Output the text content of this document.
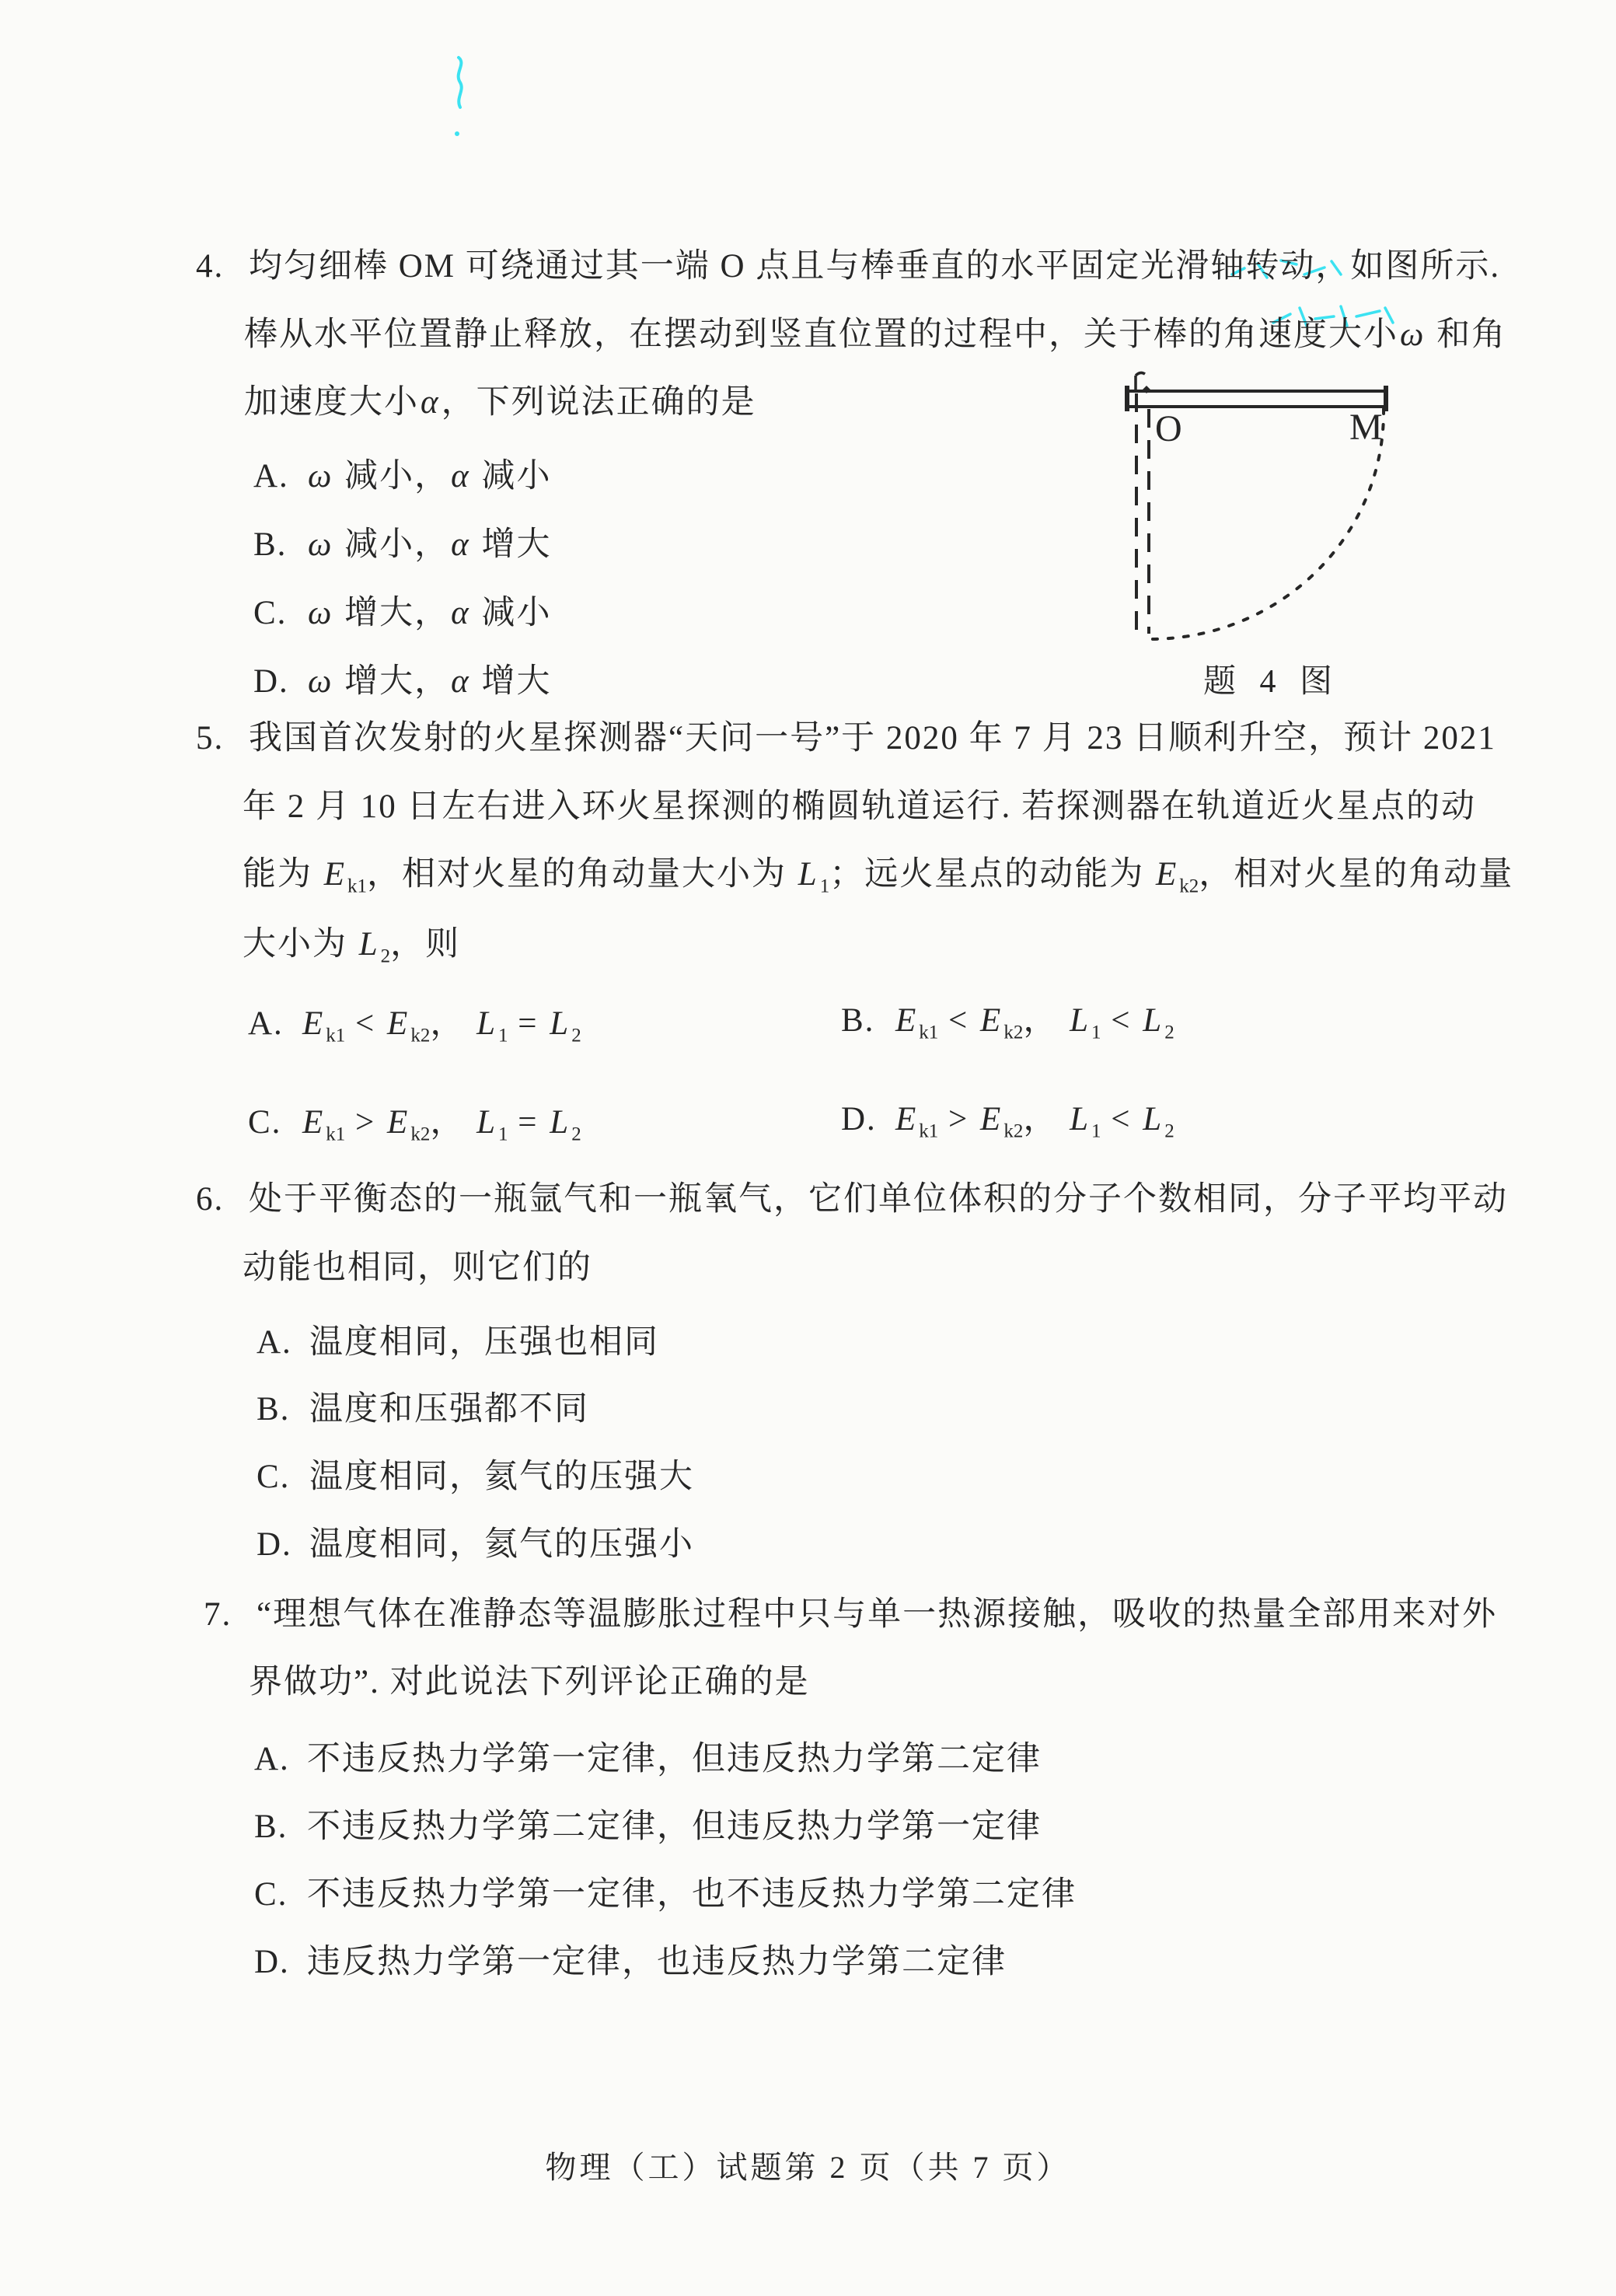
4. 均匀细棒 OM 可绕通过其一端 O 点且与棒垂直的水平固定光滑轴转动，如图所示.
棒从水平位置静止释放，在摆动到竖直位置的过程中，关于棒的角速度大小ω 和角
加速度大小α，下列说法正确的是
A. ω 减小，α 减小
B. ω 减小，α 增大
C. ω 增大，α 减小
D. ω 增大，α 增大
O	M
题 4 图
5. 我国首次发射的火星探测器“天问一号”于 2020 年 7 月 23 日顺利升空，预计 2021
年 2 月 10 日左右进入环火星探测的椭圆轨道运行. 若探测器在轨道近火星点的动
能为 $E_{k1}$，相对火星的角动量大小为 $L_1$；远火星点的动能为 $E_{k2}$，相对火星的角动量
大小为 $L_2$，则
A. $E_{k1} < E_{k2}$， $L_1 = L_2$	B. $E_{k1} < E_{k2}$， $L_1 < L_2$
C. $E_{k1} > E_{k2}$， $L_1 = L_2$	D. $E_{k1} > E_{k2}$， $L_1 < L_2$
6. 处于平衡态的一瓶氩气和一瓶氧气，它们单位体积的分子个数相同，分子平均平动
动能也相同，则它们的
A. 温度相同，压强也相同
B. 温度和压强都不同
C. 温度相同，氦气的压强大
D. 温度相同，氦气的压强小
7. “理想气体在准静态等温膨胀过程中只与单一热源接触，吸收的热量全部用来对外
界做功”. 对此说法下列评论正确的是
A. 不违反热力学第一定律，但违反热力学第二定律
B. 不违反热力学第二定律，但违反热力学第一定律
C. 不违反热力学第一定律，也不违反热力学第二定律
D. 违反热力学第一定律，也违反热力学第二定律
物理（工）试题第 2 页（共 7 页）
